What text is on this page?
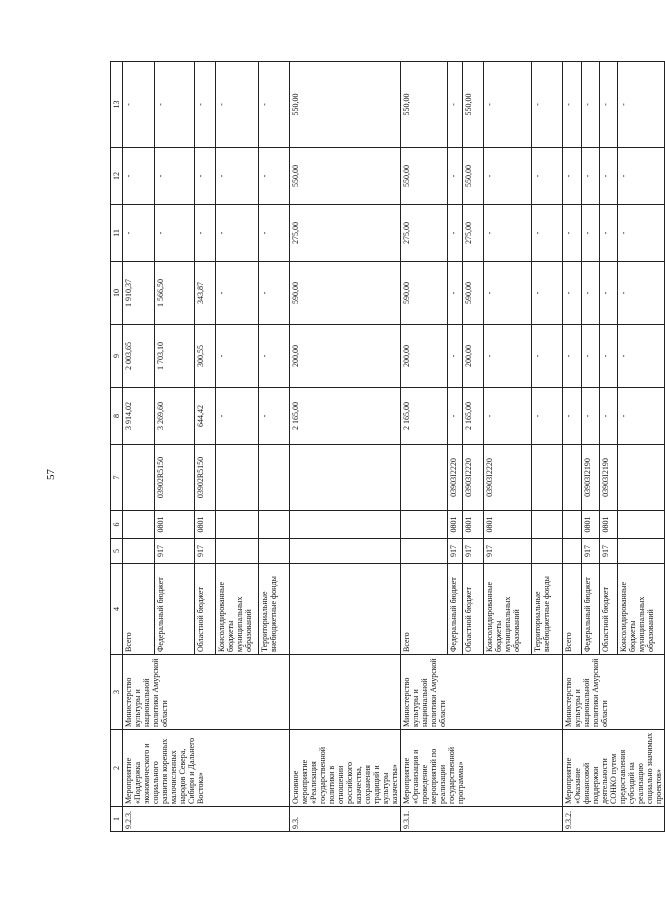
57
1	2	3	4	5	6	7	8	9	10	11	12	13
9.2.3.	Мероприятие «Поддержка экономического и социального развития коренных малочисленных народов Севера, Сибири и Дальнего Востока»	Министерство культуры и национальной политики Амурской области	Всего				3 914,02	2 003,65	1 910,37	-	-	-
			Федеральный бюджет	917	0801	03902R5150	3 269,60	1 703,10	1 566,50	-	-	-
			Областной бюджет	917	0801	03902R5150	644,42	300,55	343,87	-	-	-
			Консолидированные бюджеты муниципальных образований				-	-	-	-	-	-
			Территориальные внебюджетные фонды				-	-	-	-	-	-
9.3.	Основное мероприятие «Реализация государственной политики в отношении российского казачества, сохранения традиций и культуры казачества»						2 165,00	200,00	590,00	275,00	550,00	550,00
9.3.1.	Мероприятие «Организация и проведение мероприятий по реализации государственной программы»	Министерство культуры и национальной политики Амурской области	Всего				2 165,00	200,00	590,00	275,00	550,00	550,00
			Федеральный бюджет	917	0801	03903I2220	-	-	-	-	-	-
			Областной бюджет	917	0801	03903I2220	2 165,00	200,00	590,00	275,00	550,00	550,00
			Консолидированные бюджеты муниципальных образований	917	0801	03903I2220	-	-	-	-	-	-
			Территориальные внебюджетные фонды				-	-	-	-	-	-
9.3.2.	Мероприятие «Оказание финансовой поддержки деятельности СОНКО путем предоставления субсидий на реализацию социально значимых проектов»	Министерство культуры и национальной политики Амурской области	Всего				-	-	-	-	-	-
			Федеральный бюджет	917	0801	03903I2190	-	-	-	-	-	-
			Областной бюджет	917	0801	03903I2190	-	-	-	-	-	-
			Консолидированные бюджеты муниципальных образований				-	-	-	-	-	-
